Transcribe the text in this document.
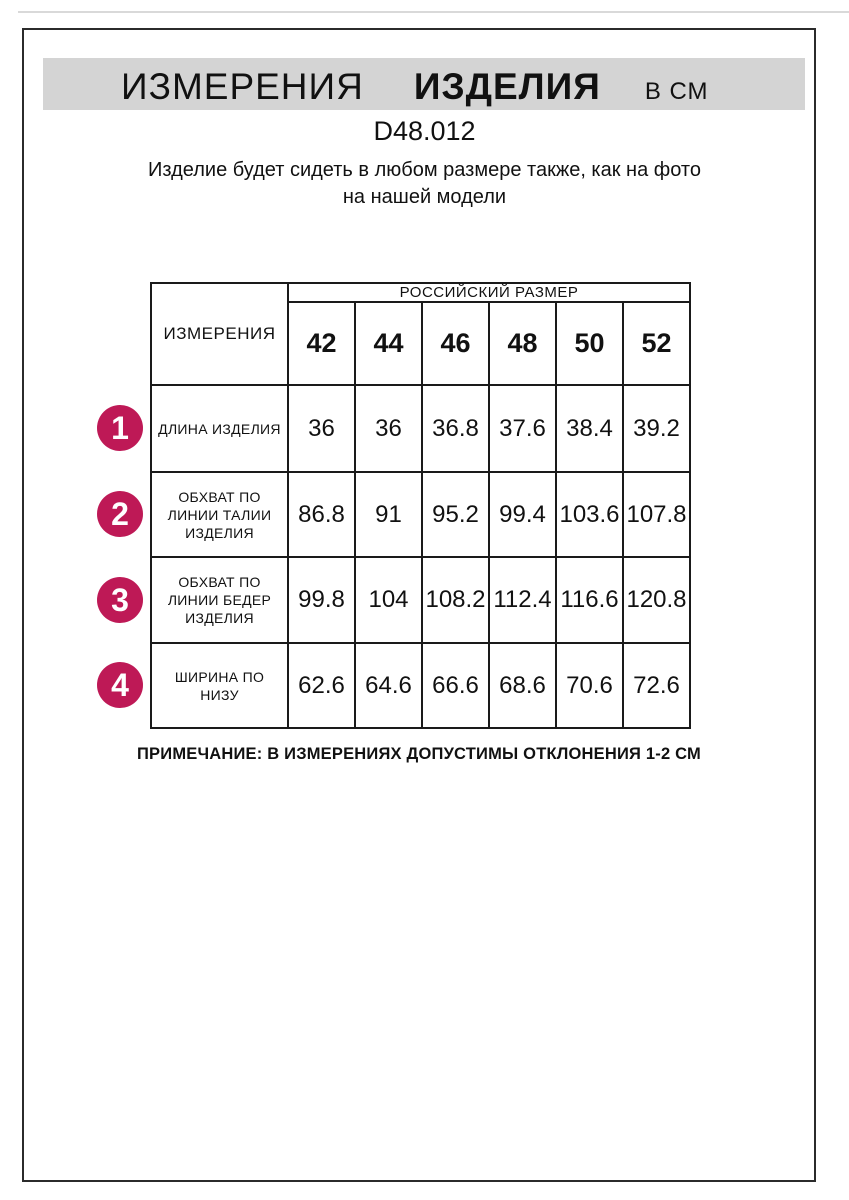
ИЗМЕРЕНИЯ ИЗДЕЛИЯ В СМ
D48.012
Изделие будет сидеть в любом размере также, как на фото
на нашей модели
ИЗМЕРЕНИЯ	РОССИЙСКИЙ РАЗМЕР					
	42	44	46	48	50	52
ДЛИНА ИЗДЕЛИЯ	36	36	36.8	37.6	38.4	39.2
ОБХВАТ ПО ЛИНИИ ТАЛИИ ИЗДЕЛИЯ	86.8	91	95.2	99.4	103.6	107.8
ОБХВАТ ПО ЛИНИИ БЕДЕР ИЗДЕЛИЯ	99.8	104	108.2	112.4	116.6	120.8
ШИРИНА ПО НИЗУ	62.6	64.6	66.6	68.6	70.6	72.6
1
2
3
4
ПРИМЕЧАНИЕ: В ИЗМЕРЕНИЯХ ДОПУСТИМЫ ОТКЛОНЕНИЯ 1-2 СМ
